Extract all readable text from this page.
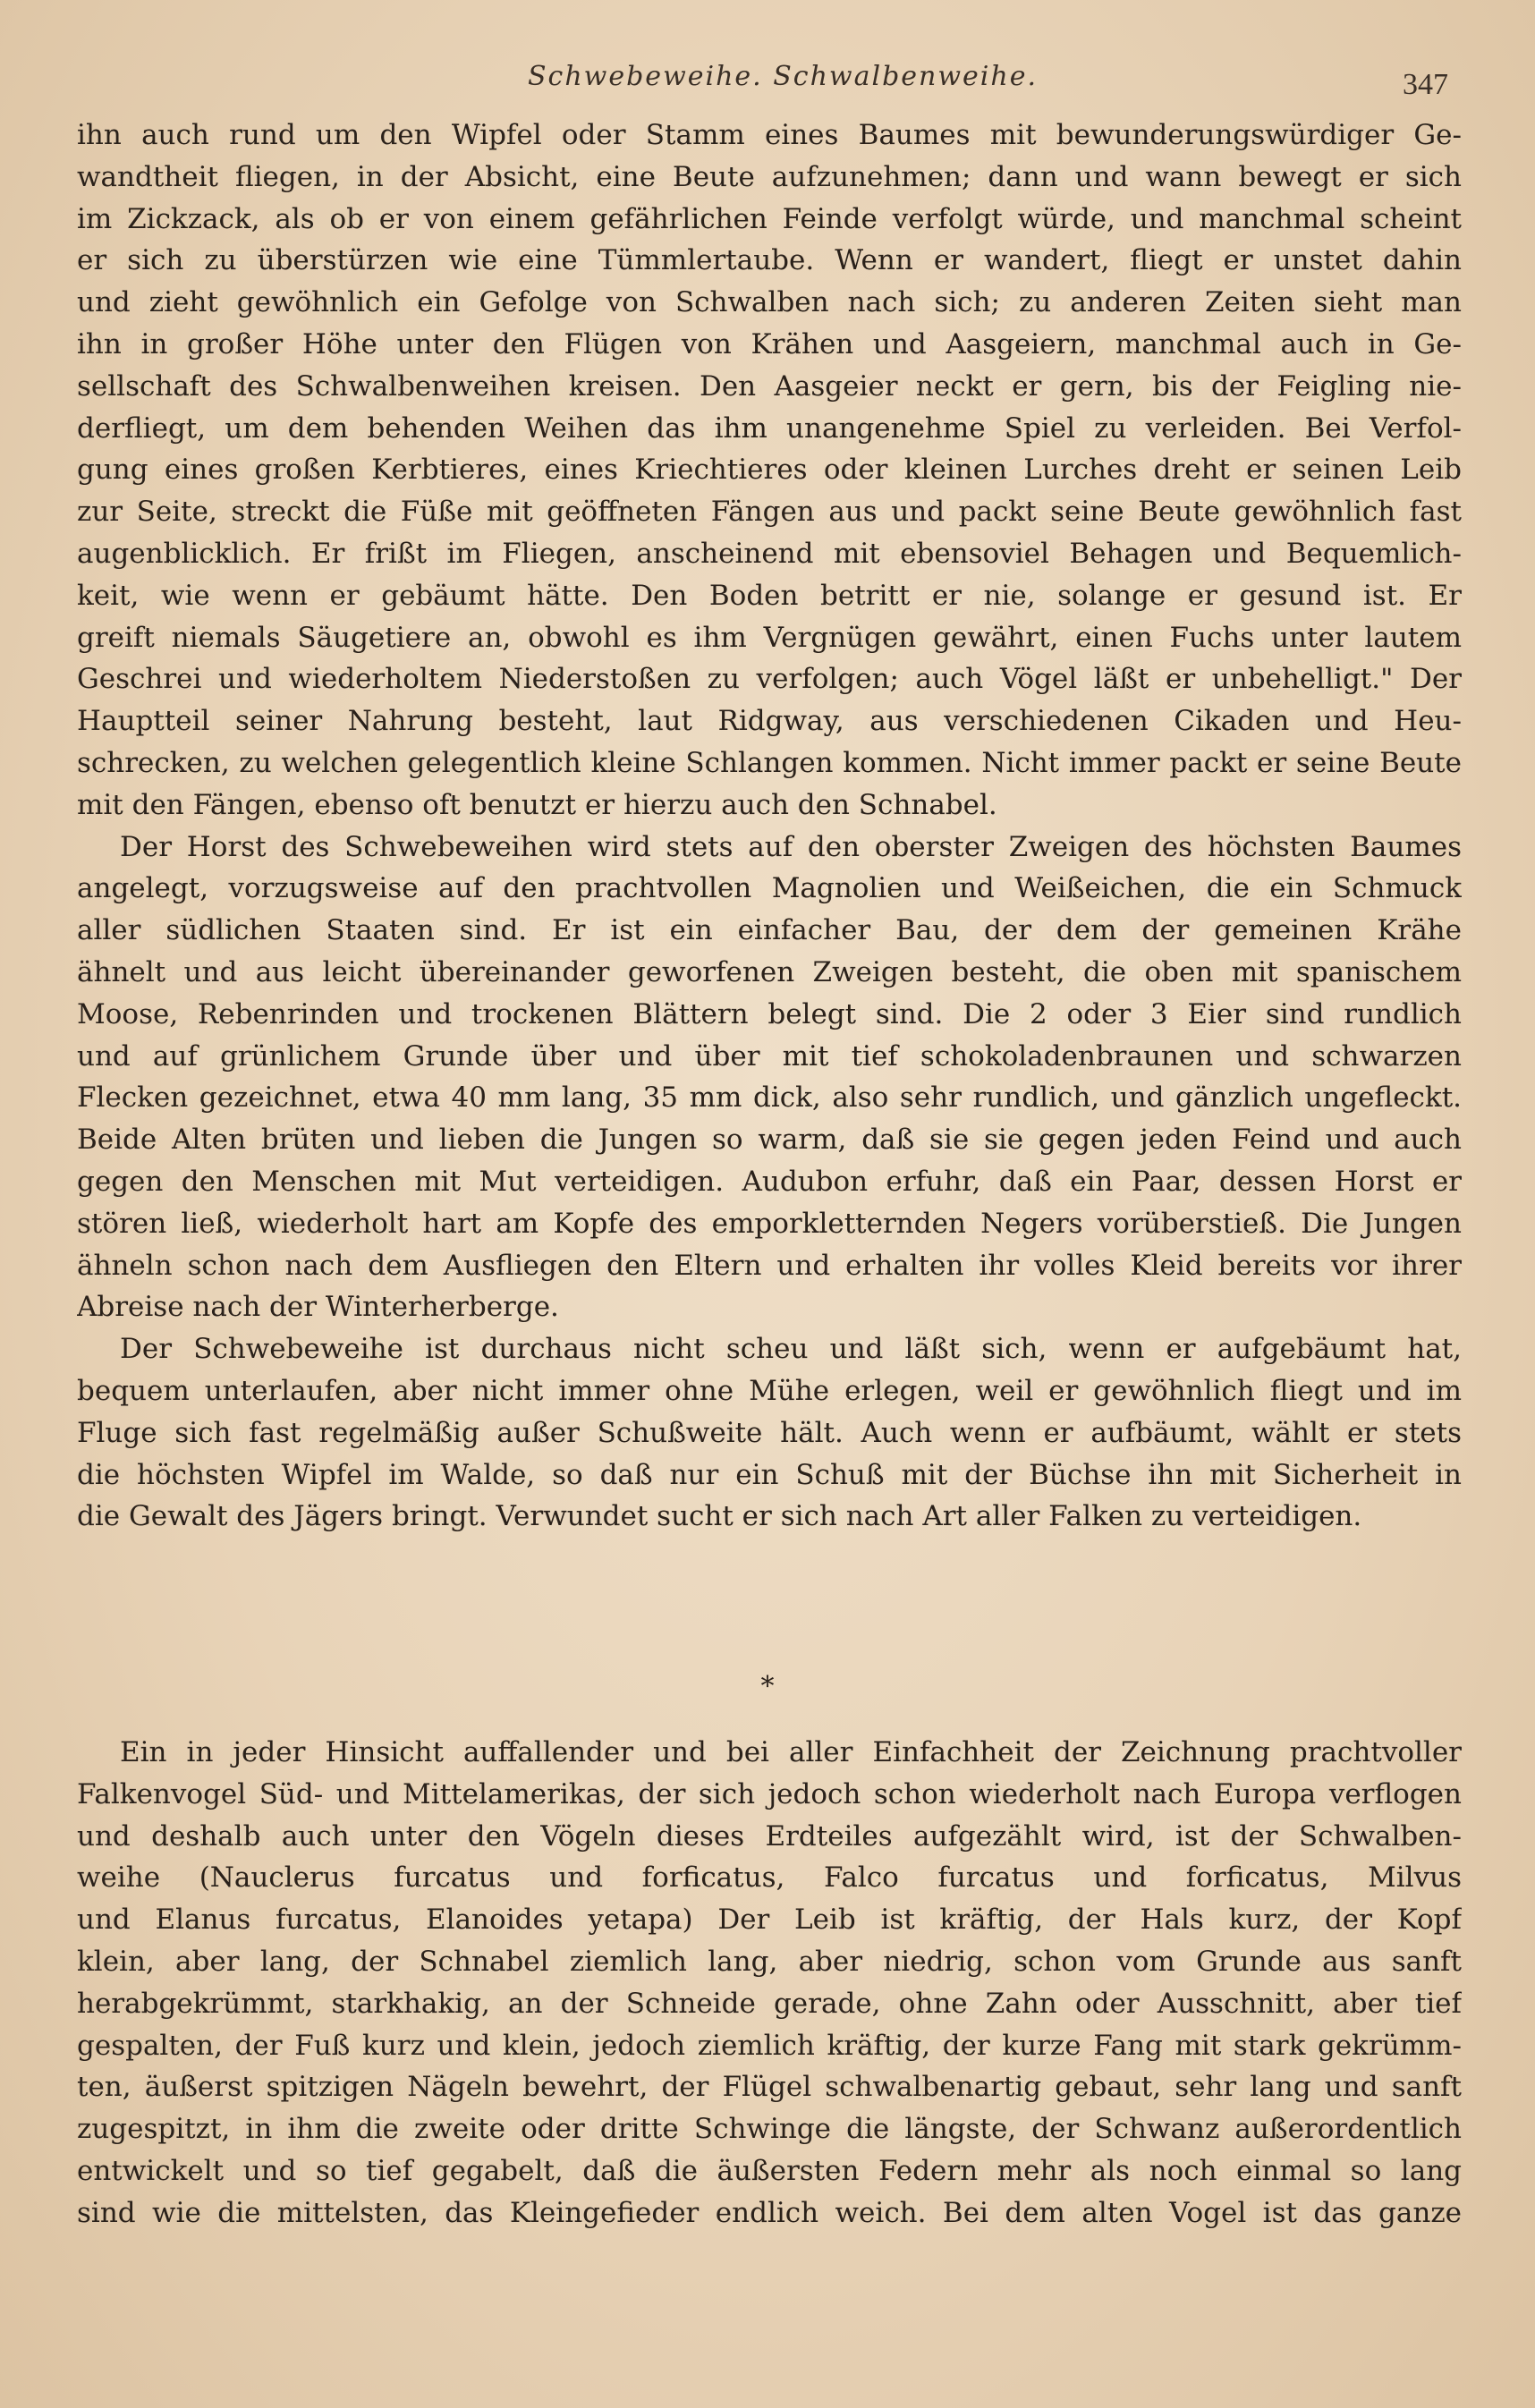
Schwebeweihe. Schwalbenweihe.	347
ihn auch rund um den Wipfel oder Stamm eines Baumes mit bewunderungswürdiger Ge-
wandtheit fliegen, in der Absicht, eine Beute aufzunehmen; dann und wann bewegt er sich
im Zickzack, als ob er von einem gefährlichen Feinde verfolgt würde, und manchmal scheint
er sich zu überstürzen wie eine Tümmlertaube. Wenn er wandert, fliegt er unstet dahin
und zieht gewöhnlich ein Gefolge von Schwalben nach sich; zu anderen Zeiten sieht man
ihn in großer Höhe unter den Flügen von Krähen und Aasgeiern, manchmal auch in Ge-
sellschaft des Schwalbenweihen kreisen. Den Aasgeier neckt er gern, bis der Feigling nie-
derfliegt, um dem behenden Weihen das ihm unangenehme Spiel zu verleiden. Bei Verfol-
gung eines großen Kerbtieres, eines Kriechtieres oder kleinen Lurches dreht er seinen Leib
zur Seite, streckt die Füße mit geöffneten Fängen aus und packt seine Beute gewöhnlich fast
augenblicklich. Er frißt im Fliegen, anscheinend mit ebensoviel Behagen und Bequemlich-
keit, wie wenn er gebäumt hätte. Den Boden betritt er nie, solange er gesund ist. Er
greift niemals Säugetiere an, obwohl es ihm Vergnügen gewährt, einen Fuchs unter lautem
Geschrei und wiederholtem Niederstoßen zu verfolgen; auch Vögel läßt er unbehelligt." Der
Hauptteil seiner Nahrung besteht, laut Ridgway, aus verschiedenen Cikaden und Heu-
schrecken, zu welchen gelegentlich kleine Schlangen kommen. Nicht immer packt er seine Beute
mit den Fängen, ebenso oft benutzt er hierzu auch den Schnabel.
Der Horst des Schwebeweihen wird stets auf den oberster Zweigen des höchsten Baumes
angelegt, vorzugsweise auf den prachtvollen Magnolien und Weißeichen, die ein Schmuck
aller südlichen Staaten sind. Er ist ein einfacher Bau, der dem der gemeinen Krähe
ähnelt und aus leicht übereinander geworfenen Zweigen besteht, die oben mit spanischem
Moose, Rebenrinden und trockenen Blättern belegt sind. Die 2 oder 3 Eier sind rundlich
und auf grünlichem Grunde über und über mit tief schokoladenbraunen und schwarzen
Flecken gezeichnet, etwa 40 mm lang, 35 mm dick, also sehr rundlich, und gänzlich ungefleckt.
Beide Alten brüten und lieben die Jungen so warm, daß sie sie gegen jeden Feind und auch
gegen den Menschen mit Mut verteidigen. Audubon erfuhr, daß ein Paar, dessen Horst er
stören ließ, wiederholt hart am Kopfe des emporkletternden Negers vorüberstieß. Die Jungen
ähneln schon nach dem Ausfliegen den Eltern und erhalten ihr volles Kleid bereits vor ihrer
Abreise nach der Winterherberge.
Der Schwebeweihe ist durchaus nicht scheu und läßt sich, wenn er aufgebäumt hat,
bequem unterlaufen, aber nicht immer ohne Mühe erlegen, weil er gewöhnlich fliegt und im
Fluge sich fast regelmäßig außer Schußweite hält. Auch wenn er aufbäumt, wählt er stets
die höchsten Wipfel im Walde, so daß nur ein Schuß mit der Büchse ihn mit Sicherheit in
die Gewalt des Jägers bringt. Verwundet sucht er sich nach Art aller Falken zu verteidigen.
*
Ein in jeder Hinsicht auffallender und bei aller Einfachheit der Zeichnung prachtvoller
Falkenvogel Süd- und Mittelamerikas, der sich jedoch schon wiederholt nach Europa verflogen
und deshalb auch unter den Vögeln dieses Erdteiles aufgezählt wird, ist der Schwalben-
weihe (Nauclerus furcatus und forficatus, Falco furcatus und forficatus, Milvus
und Elanus furcatus, Elanoides yetapa) Der Leib ist kräftig, der Hals kurz, der Kopf
klein, aber lang, der Schnabel ziemlich lang, aber niedrig, schon vom Grunde aus sanft
herabgekrümmt, starkhakig, an der Schneide gerade, ohne Zahn oder Ausschnitt, aber tief
gespalten, der Fuß kurz und klein, jedoch ziemlich kräftig, der kurze Fang mit stark gekrümm-
ten, äußerst spitzigen Nägeln bewehrt, der Flügel schwalbenartig gebaut, sehr lang und sanft
zugespitzt, in ihm die zweite oder dritte Schwinge die längste, der Schwanz außerordentlich
entwickelt und so tief gegabelt, daß die äußersten Federn mehr als noch einmal so lang
sind wie die mittelsten, das Kleingefieder endlich weich. Bei dem alten Vogel ist das ganze
